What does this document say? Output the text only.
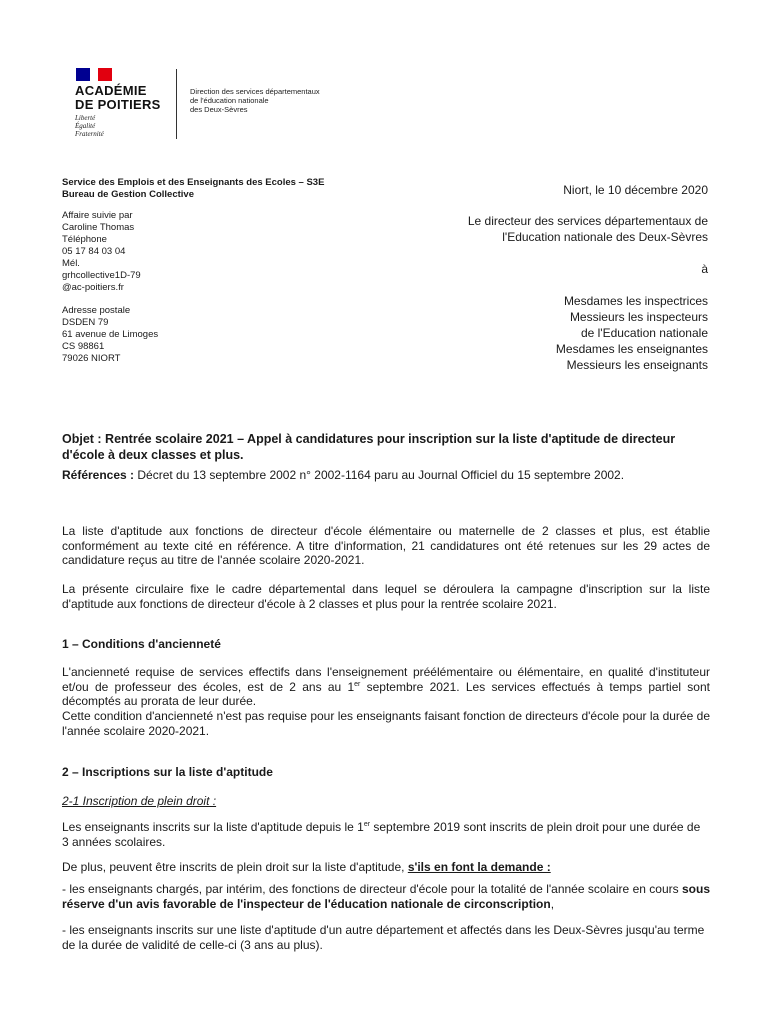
ACADÉMIE
DE POITIERS
Liberté
Égalité
Fraternité
Direction des services départementaux
de l'éducation nationale
des Deux-Sèvres
Service des Emplois et des Enseignants des Ecoles – S3E
Bureau de Gestion Collective
Affaire suivie par
Caroline Thomas
Téléphone
05 17 84 03 04
Mél.
grhcollective1D-79
@ac-poitiers.fr
Adresse postale
DSDEN 79
61 avenue de Limoges
CS 98861
79026 NIORT
Niort, le 10 décembre 2020
Le directeur des services départementaux de
l'Education nationale des Deux-Sèvres
à
Mesdames les inspectrices
Messieurs les inspecteurs
de l'Education nationale
Mesdames les enseignantes
Messieurs les enseignants
Objet : Rentrée scolaire 2021 – Appel à candidatures pour inscription sur la liste d'aptitude de directeur
d'école à deux classes et plus.
Références : Décret du 13 septembre 2002 n° 2002-1164 paru au Journal Officiel du 15 septembre 2002.
La liste d'aptitude aux fonctions de directeur d'école élémentaire ou maternelle de 2 classes et plus, est établie conformément au texte cité en référence. A titre d'information, 21 candidatures ont été retenues sur les 29 actes de candidature reçus au titre de l'année scolaire 2020-2021.
La présente circulaire fixe le cadre départemental dans lequel se déroulera la campagne d'inscription sur la liste d'aptitude aux fonctions de directeur d'école à 2 classes et plus pour la rentrée scolaire 2021.
1 – Conditions d'ancienneté
L'ancienneté requise de services effectifs dans l'enseignement préélémentaire ou élémentaire, en qualité d'instituteur et/ou de professeur des écoles, est de 2 ans au 1er septembre 2021. Les services effectués à temps partiel sont décomptés au prorata de leur durée.
Cette condition d'ancienneté n'est pas requise pour les enseignants faisant fonction de directeurs d'école pour la durée de l'année scolaire 2020-2021.
2 – Inscriptions sur la liste d'aptitude
2-1 Inscription de plein droit :
Les enseignants inscrits sur la liste d'aptitude depuis le 1er septembre 2019 sont inscrits de plein droit pour une durée de 3 années scolaires.
De plus, peuvent être inscrits de plein droit sur la liste d'aptitude, s'ils en font la demande :
- les enseignants chargés, par intérim, des fonctions de directeur d'école pour la totalité de l'année scolaire en cours sous réserve d'un avis favorable de l'inspecteur de l'éducation nationale de circonscription,
- les enseignants inscrits sur une liste d'aptitude d'un autre département et affectés dans les Deux-Sèvres jusqu'au terme de la durée de validité de celle-ci (3 ans au plus).
